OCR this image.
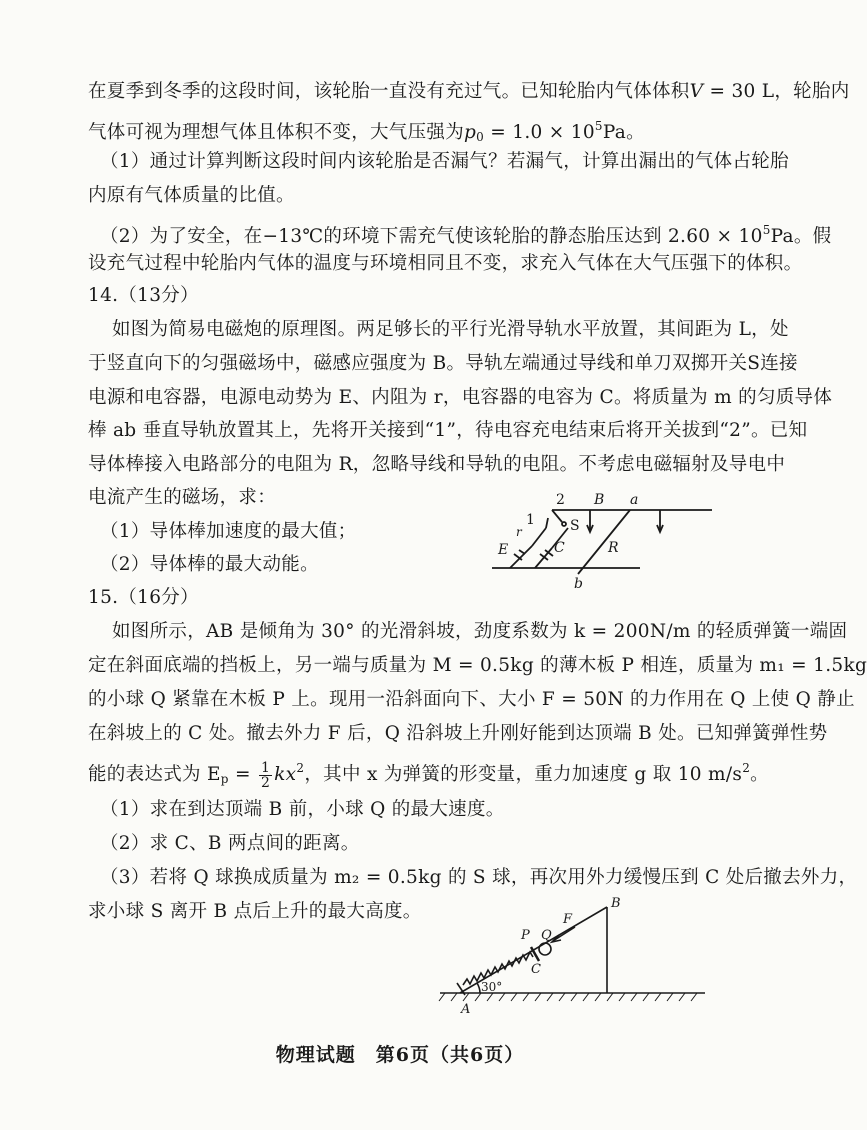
在夏季到冬季的这段时间，该轮胎一直没有充过气。已知轮胎内气体体积V = 30 L，轮胎内
气体可视为理想气体且体积不变，大气压强为$p_0 = 1.0 \times 10^5Pa$。
（1）通过计算判断这段时间内该轮胎是否漏气？若漏气，计算出漏出的气体占轮胎
内原有气体质量的比值。
（2）为了安全，在−13℃的环境下需充气使该轮胎的静态胎压达到 $2.60 \times 10^5Pa$。假
设充气过程中轮胎内气体的温度与环境相同且不变，求充入气体在大气压强下的体积。
14.（13分）
如图为简易电磁炮的原理图。两足够长的平行光滑导轨水平放置，其间距为 L，处
于竖直向下的匀强磁场中，磁感应强度为 B。导轨左端通过导线和单刀双掷开关S连接
电源和电容器，电源电动势为 E、内阻为 r，电容器的电容为 C。将质量为 m 的匀质导体
棒 ab 垂直导轨放置其上，先将开关接到“1”，待电容充电结束后将开关拔到“2”。已知
导体棒接入电路部分的电阻为 R，忽略导线和导轨的电阻。不考虑电磁辐射及导电中
电流产生的磁场，求：
（1）导体棒加速度的最大值；
（2）导体棒的最大动能。
2 B a
1	S
r
E	C	R
b
15.（16分）
如图所示，AB 是倾角为 30° 的光滑斜坡，劲度系数为 k = 200N/m 的轻质弹簧一端固
定在斜面底端的挡板上，另一端与质量为 M = 0.5kg 的薄木板 P 相连，质量为 m₁ = 1.5kg
的小球 Q 紧靠在木板 P 上。现用一沿斜面向下、大小 F = 50N 的力作用在 Q 上使 Q 静止
在斜坡上的 C 处。撤去外力 F 后，Q 沿斜坡上升刚好能到达顶端 B 处。已知弹簧弹性势
能的表达式为 $E_p = \frac{1}{2} kx^2$，其中 x 为弹簧的形变量，重力加速度 g 取 10 $m/s^2$。
（1）求在到达顶端 B 前，小球 Q 的最大速度。
（2）求 C、B 两点间的距离。
（3）若将 Q 球换成质量为 m₂ = 0.5kg 的 S 球，再次用外力缓慢压到 C 处后撤去外力，
求小球 S 离开 B 点后上升的最大高度。	B
P Q
F
C
A
30°
物理试题　第6页（共6页）
